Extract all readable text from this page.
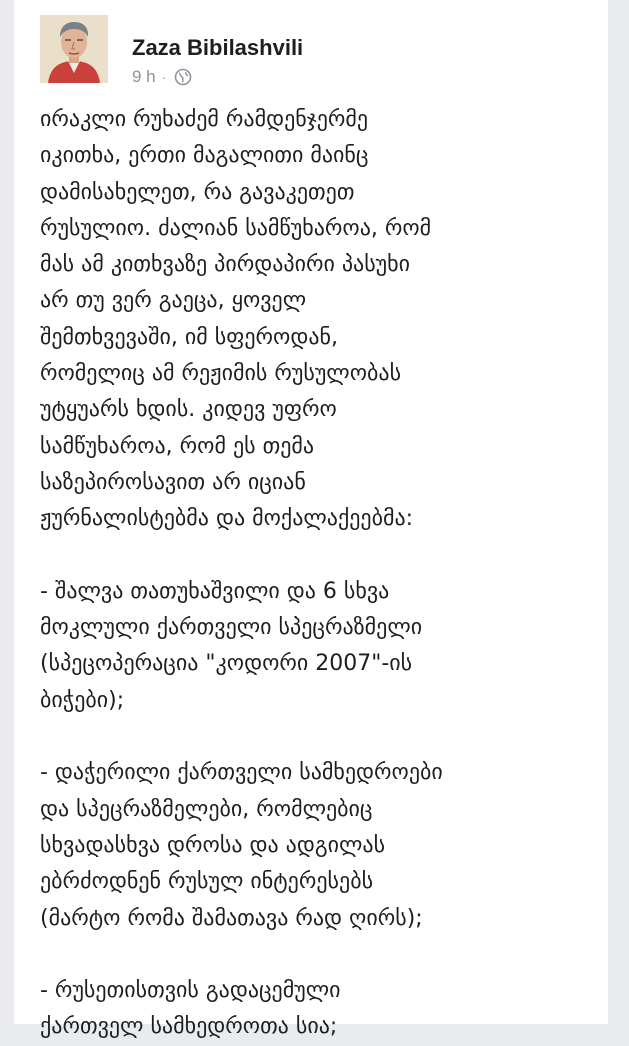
Zaza Bibilashvili
9 h ·
ირაკლი რუხაძემ რამდენჯერმე
იკითხა, ერთი მაგალითი მაინც
დამისახელეთ, რა გავაკეთეთ
რუსულიო. ძალიან სამწუხაროა, რომ
მას ამ კითხვაზე პირდაპირი პასუხი
არ თუ ვერ გაეცა, ყოველ
შემთხვევაში, იმ სფეროდან,
რომელიც ამ რეჟიმის რუსულობას
უტყუარს ხდის. კიდევ უფრო
სამწუხაროა, რომ ეს თემა
საზეპიროსავით არ იციან
ჟურნალისტებმა და მოქალაქეებმა:
- შალვა თათუხაშვილი და 6 სხვა
მოკლული ქართველი სპეცრაზმელი
(სპეცოპერაცია "კოდორი 2007"-ის
ბიჭები);
- დაჭერილი ქართველი სამხედროები
და სპეცრაზმელები, რომლებიც
სხვადასხვა დროსა და ადგილას
ებრძოდნენ რუსულ ინტერესებს
(მარტო რომა შამათავა რად ღირს);
- რუსეთისთვის გადაცემული
ქართველ სამხედროთა სია;
